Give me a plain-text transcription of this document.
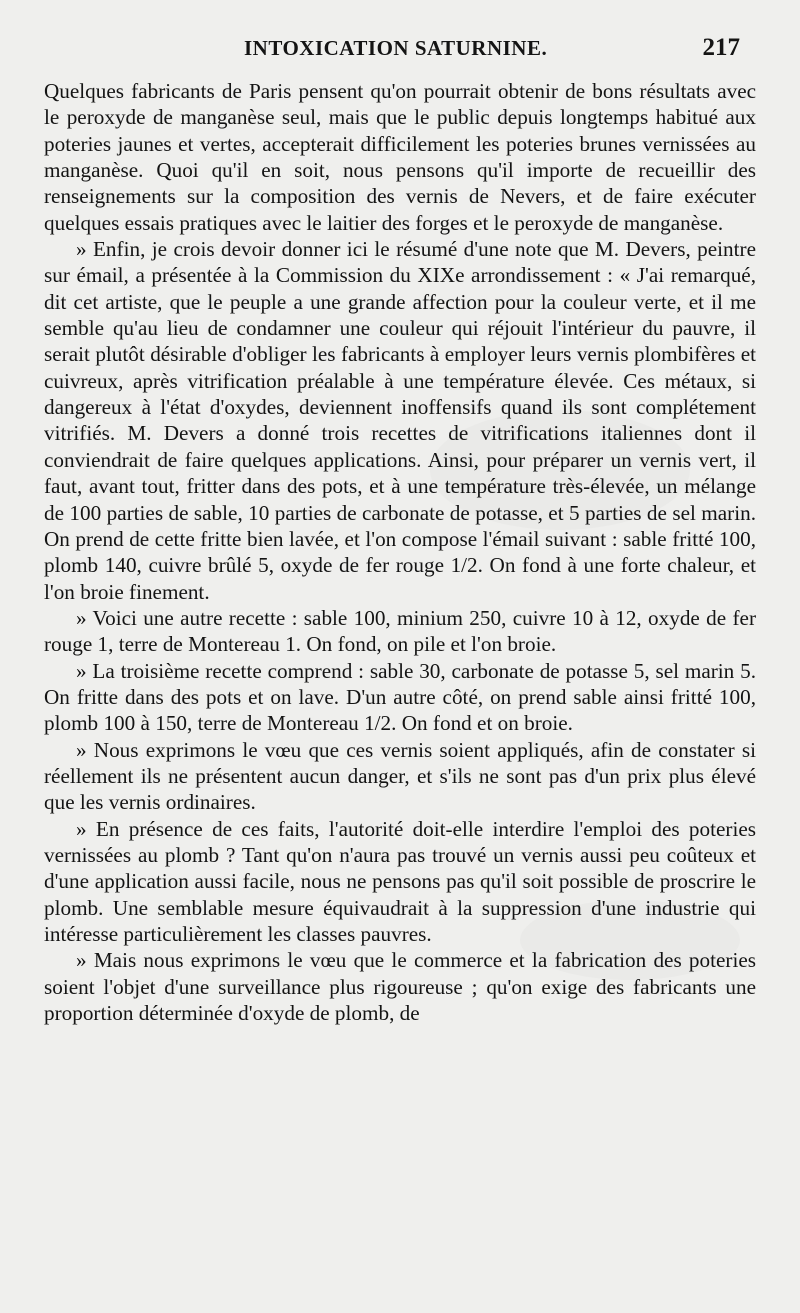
INTOXICATION SATURNINE.	217

Quelques fabricants de Paris pensent qu'on pourrait obtenir de bons résultats avec le peroxyde de manganèse seul, mais que le public depuis longtemps habitué aux poteries jaunes et vertes, accepterait difficilement les poteries brunes vernissées au manganèse. Quoi qu'il en soit, nous pensons qu'il importe de recueillir des renseignements sur la composition des vernis de Nevers, et de faire exécuter quelques essais pratiques avec le laitier des forges et le peroxyde de manganèse.

» Enfin, je crois devoir donner ici le résumé d'une note que M. Devers, peintre sur émail, a présentée à la Commission du XIXe arrondissement : « J'ai remarqué, dit cet artiste, que le peuple a une grande affection pour la couleur verte, et il me semble qu'au lieu de condamner une couleur qui réjouit l'intérieur du pauvre, il serait plutôt désirable d'obliger les fabricants à employer leurs vernis plombifères et cuivreux, après vitrification préalable à une température élevée. Ces métaux, si dangereux à l'état d'oxydes, deviennent inoffensifs quand ils sont complétement vitrifiés. M. Devers a donné trois recettes de vitrifications italiennes dont il conviendrait de faire quelques applications. Ainsi, pour préparer un vernis vert, il faut, avant tout, fritter dans des pots, et à une température très-élevée, un mélange de 100 parties de sable, 10 parties de carbonate de potasse, et 5 parties de sel marin. On prend de cette fritte bien lavée, et l'on compose l'émail suivant : sable fritté 100, plomb 140, cuivre brûlé 5, oxyde de fer rouge 1/2. On fond à une forte chaleur, et l'on broie finement.

» Voici une autre recette : sable 100, minium 250, cuivre 10 à 12, oxyde de fer rouge 1, terre de Montereau 1. On fond, on pile et l'on broie.

» La troisième recette comprend : sable 30, carbonate de potasse 5, sel marin 5. On fritte dans des pots et on lave. D'un autre côté, on prend sable ainsi fritté 100, plomb 100 à 150, terre de Montereau 1/2. On fond et on broie.

» Nous exprimons le vœu que ces vernis soient appliqués, afin de constater si réellement ils ne présentent aucun danger, et s'ils ne sont pas d'un prix plus élevé que les vernis ordinaires.

» En présence de ces faits, l'autorité doit-elle interdire l'emploi des poteries vernissées au plomb ? Tant qu'on n'aura pas trouvé un vernis aussi peu coûteux et d'une application aussi facile, nous ne pensons pas qu'il soit possible de proscrire le plomb. Une semblable mesure équivaudrait à la suppression d'une industrie qui intéresse particulièrement les classes pauvres.

» Mais nous exprimons le vœu que le commerce et la fabrication des poteries soient l'objet d'une surveillance plus rigoureuse ; qu'on exige des fabricants une proportion déterminée d'oxyde de plomb, de
